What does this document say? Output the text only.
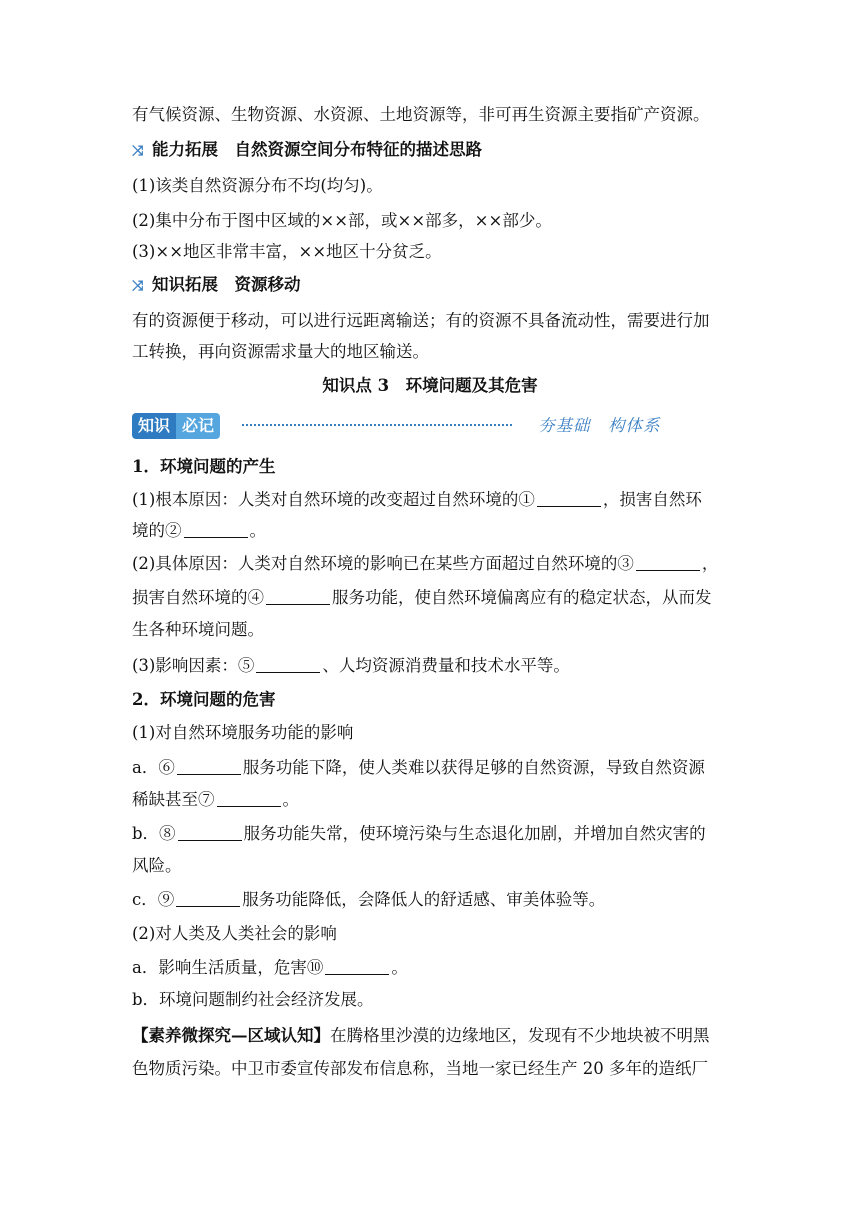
有气候资源、生物资源、水资源、土地资源等，非可再生资源主要指矿产资源。
⤨ 能力拓展　自然资源空间分布特征的描述思路
(1)该类自然资源分布不均(均匀)。
(2)集中分布于图中区域的××部，或××部多，××部少。
(3)××地区非常丰富，××地区十分贫乏。
⤨ 知识拓展　资源移动
有的资源便于移动，可以进行远距离输送；有的资源不具备流动性，需要进行加
工转换，再向资源需求量大的地区输送。
知识点 3　环境问题及其危害
知识 必记	夯基础　构体系
1．环境问题的产生
(1)根本原因：人类对自然环境的改变超过自然环境的①	，损害自然环
境的②	。
(2)具体原因：人类对自然环境的影响已在某些方面超过自然环境的③	，
损害自然环境的④	服务功能，使自然环境偏离应有的稳定状态，从而发
生各种环境问题。
(3)影响因素：⑤	、人均资源消费量和技术水平等。
2．环境问题的危害
(1)对自然环境服务功能的影响
a．⑥	服务功能下降，使人类难以获得足够的自然资源，导致自然资源
稀缺甚至⑦	。
b．⑧	服务功能失常，使环境污染与生态退化加剧，并增加自然灾害的
风险。
c．⑨	服务功能降低，会降低人的舒适感、审美体验等。
(2)对人类及人类社会的影响
a．影响生活质量，危害⑩	。
b．环境问题制约社会经济发展。
【素养微探究—区域认知】在腾格里沙漠的边缘地区，发现有不少地块被不明黑
色物质污染。中卫市委宣传部发布信息称，当地一家已经生产 20 多年的造纸厂
